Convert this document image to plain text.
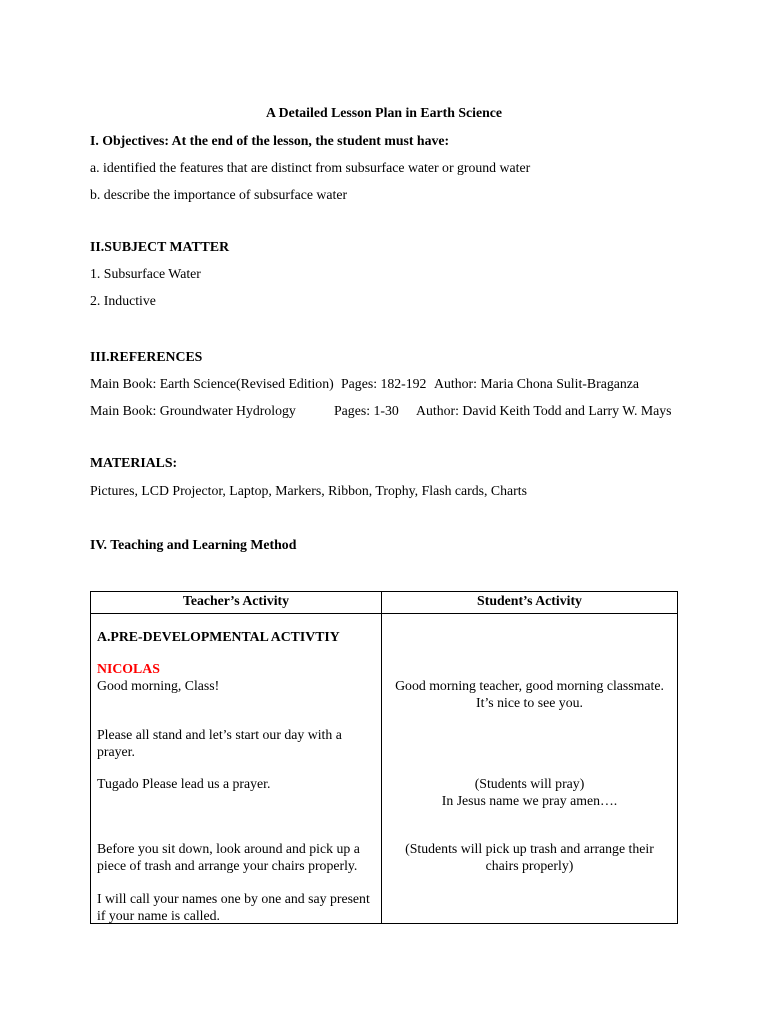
A Detailed Lesson Plan in Earth Science
I. Objectives: At the end of the lesson, the student must have:
a. identified the features that are distinct from subsurface water or ground water
b. describe the importance of subsurface water
II.SUBJECT MATTER
1. Subsurface Water
2. Inductive
III.REFERENCES
Main Book: Earth Science(Revised Edition) Pages: 182-192 Author: Maria Chona Sulit-Braganza
Main Book: Groundwater Hydrology	Pages: 1-30 Author: David Keith Todd and Larry W. Mays
MATERIALS:
Pictures, LCD Projector, Laptop, Markers, Ribbon, Trophy, Flash cards, Charts
IV. Teaching and Learning Method
Teacher’s Activity	Student’s Activity
A.PRE-DEVELOPMENTAL ACTIVTIY
NICOLAS
Good morning, Class!
Please all stand and let’s start our day with a prayer.
Tugado Please lead us a prayer.
Before you sit down, look around and pick up a piece of trash and arrange your chairs properly.
I will call your names one by one and say present if your name is called.
Good morning teacher, good morning classmate.
It’s nice to see you.
(Students will pray)
In Jesus name we pray amen….
(Students will pick up trash and arrange their chairs properly)
